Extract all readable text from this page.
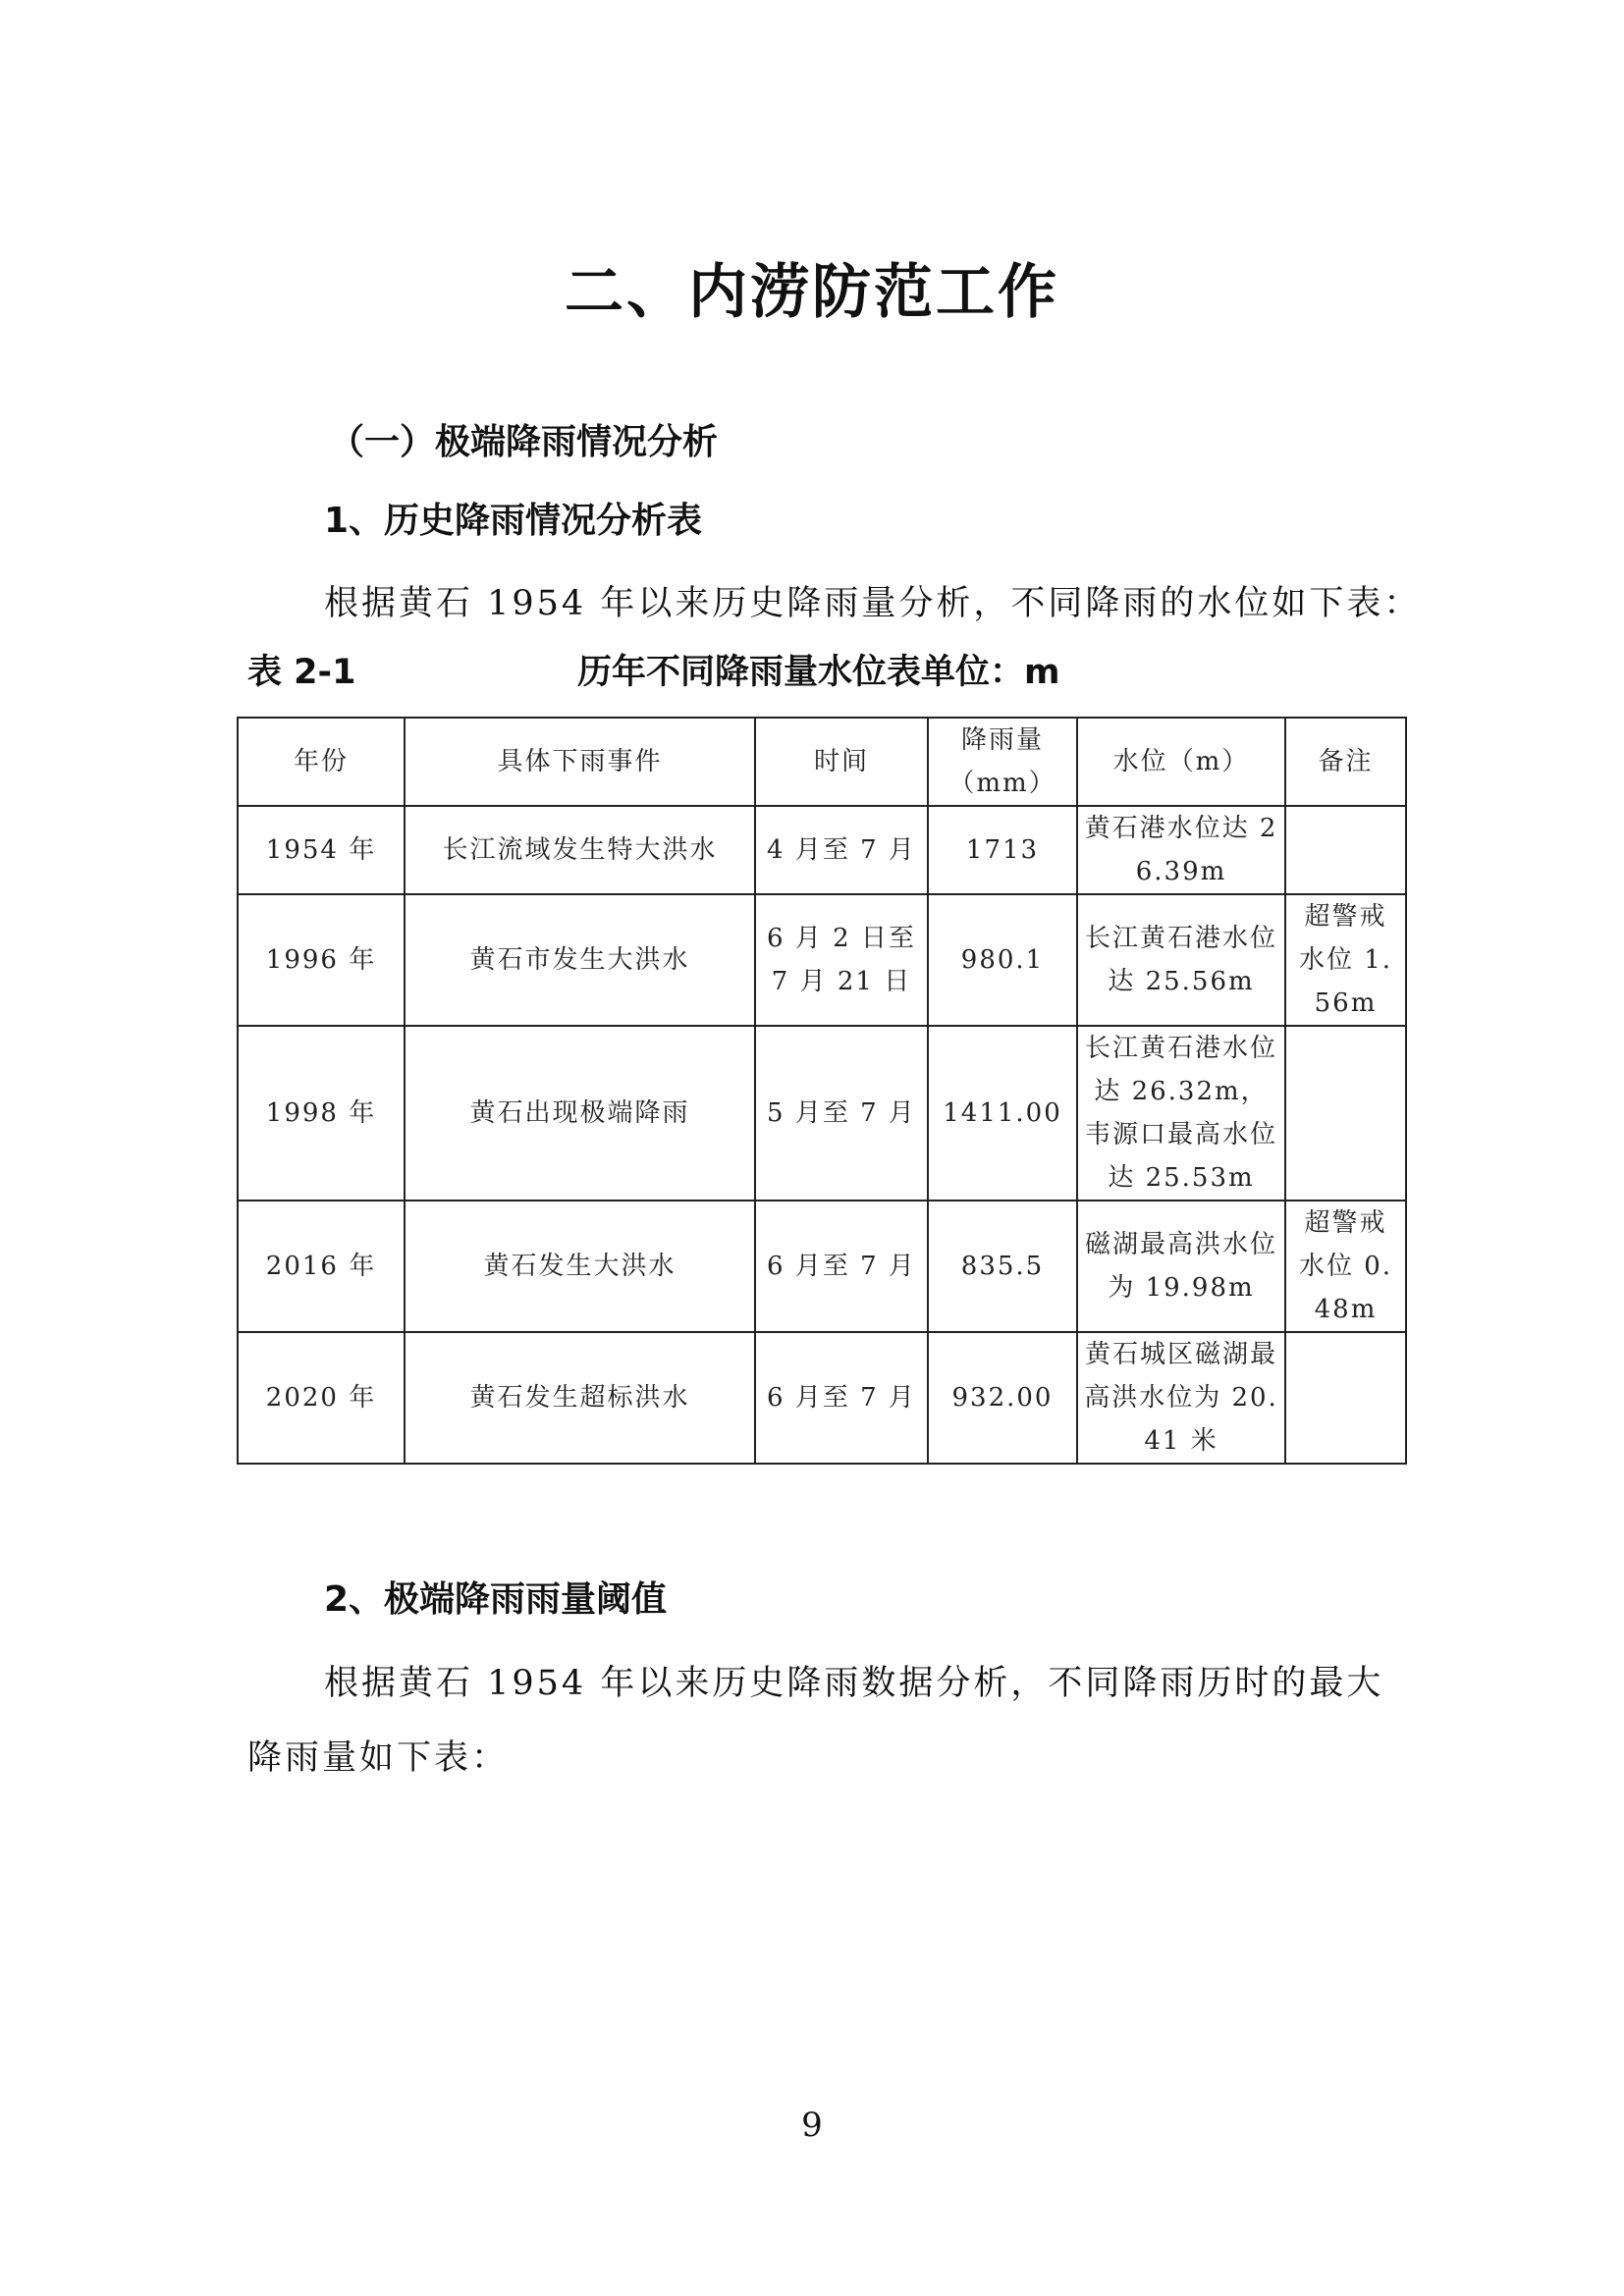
二、内涝防范工作
（一）极端降雨情况分析
1、历史降雨情况分析表
根据黄石 1954 年以来历史降雨量分析，不同降雨的水位如下表：
表 2-1	历年不同降雨量水位表单位：m
年份	具体下雨事件	时间	降雨量（mm）	水位（m）	备注
1954 年	长江流域发生特大洪水	4 月至 7 月	1713	黄石港水位达 26.39m	
1996 年	黄石市发生大洪水	6 月 2 日至 7 月 21 日	980.1	长江黄石港水位达 25.56m	超警戒水位 1.56m
1998 年	黄石出现极端降雨	5 月至 7 月	1411.00	长江黄石港水位达 26.32m，韦源口最高水位达 25.53m	
2016 年	黄石发生大洪水	6 月至 7 月	835.5	磁湖最高洪水位为 19.98m	超警戒水位 0.48m
2020 年	黄石发生超标洪水	6 月至 7 月	932.00	黄石城区磁湖最高洪水位为 20.41 米	
2、极端降雨雨量阈值
根据黄石 1954 年以来历史降雨数据分析，不同降雨历时的最大
降雨量如下表：
9
